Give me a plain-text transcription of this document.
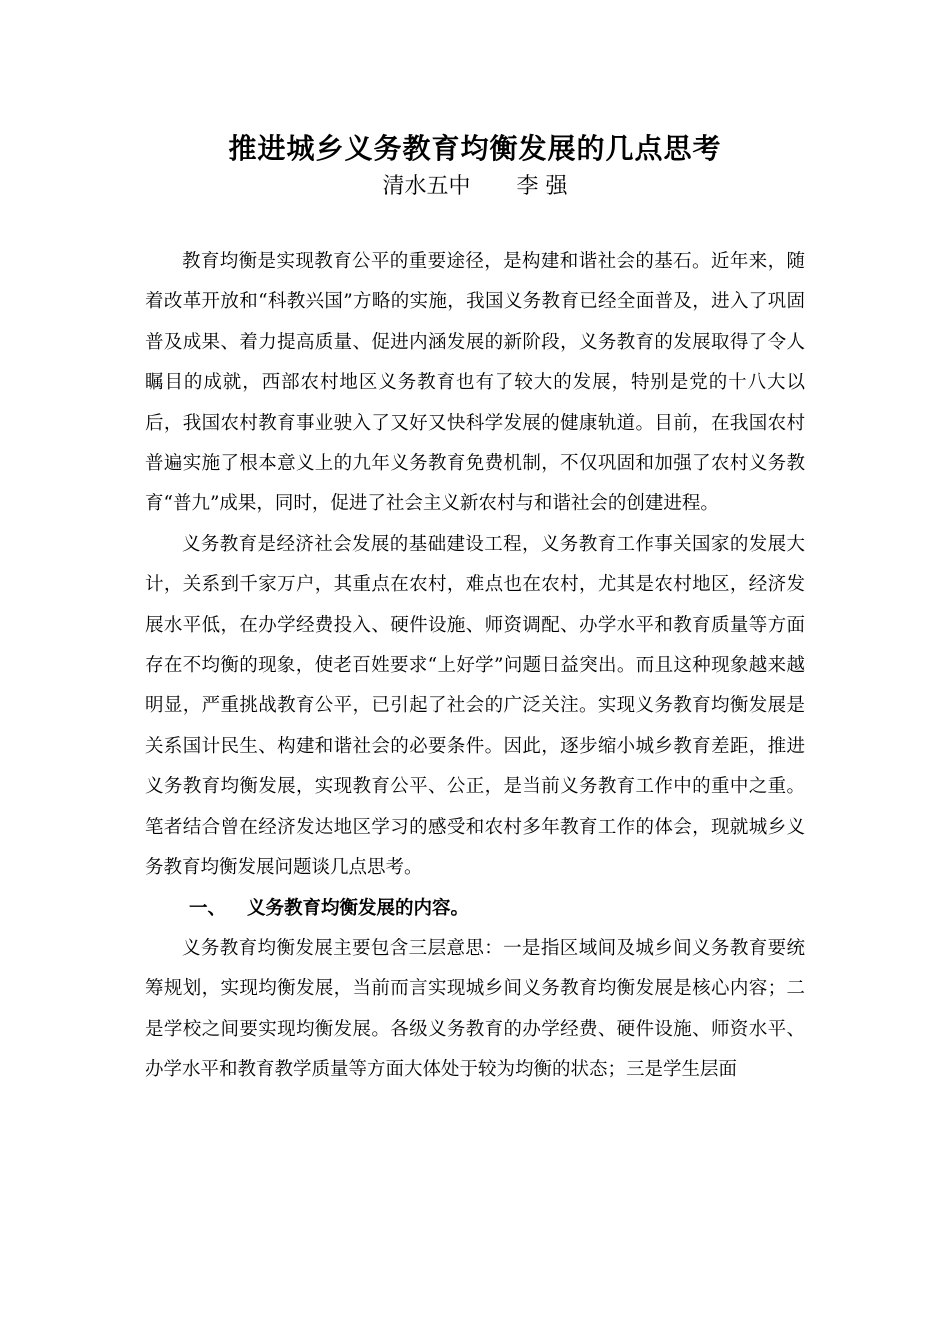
推进城乡义务教育均衡发展的几点思考
清水五中 李 强

教育均衡是实现教育公平的重要途径，是构建和谐社会的基石。近年来，随着改革开放和“科教兴国”方略的实施，我国义务教育已经全面普及，进入了巩固普及成果、着力提高质量、促进内涵发展的新阶段，义务教育的发展取得了令人瞩目的成就，西部农村地区义务教育也有了较大的发展，特别是党的十八大以后，我国农村教育事业驶入了又好又快科学发展的健康轨道。目前，在我国农村普遍实施了根本意义上的九年义务教育免费机制，不仅巩固和加强了农村义务教育“普九”成果，同时，促进了社会主义新农村与和谐社会的创建进程。

义务教育是经济社会发展的基础建设工程，义务教育工作事关国家的发展大计，关系到千家万户，其重点在农村，难点也在农村，尤其是农村地区，经济发展水平低，在办学经费投入、硬件设施、师资调配、办学水平和教育质量等方面存在不均衡的现象，使老百姓要求“上好学”问题日益突出。而且这种现象越来越明显，严重挑战教育公平，已引起了社会的广泛关注。实现义务教育均衡发展是关系国计民生、构建和谐社会的必要条件。因此，逐步缩小城乡教育差距，推进义务教育均衡发展，实现教育公平、公正，是当前义务教育工作中的重中之重。笔者结合曾在经济发达地区学习的感受和农村多年教育工作的体会，现就城乡义务教育均衡发展问题谈几点思考。

一、 义务教育均衡发展的内容。

义务教育均衡发展主要包含三层意思：一是指区域间及城乡间义务教育要统筹规划，实现均衡发展，当前而言实现城乡间义务教育均衡发展是核心内容；二是学校之间要实现均衡发展。各级义务教育的办学经费、硬件设施、师资水平、办学水平和教育教学质量等方面大体处于较为均衡的状态；三是学生层面
